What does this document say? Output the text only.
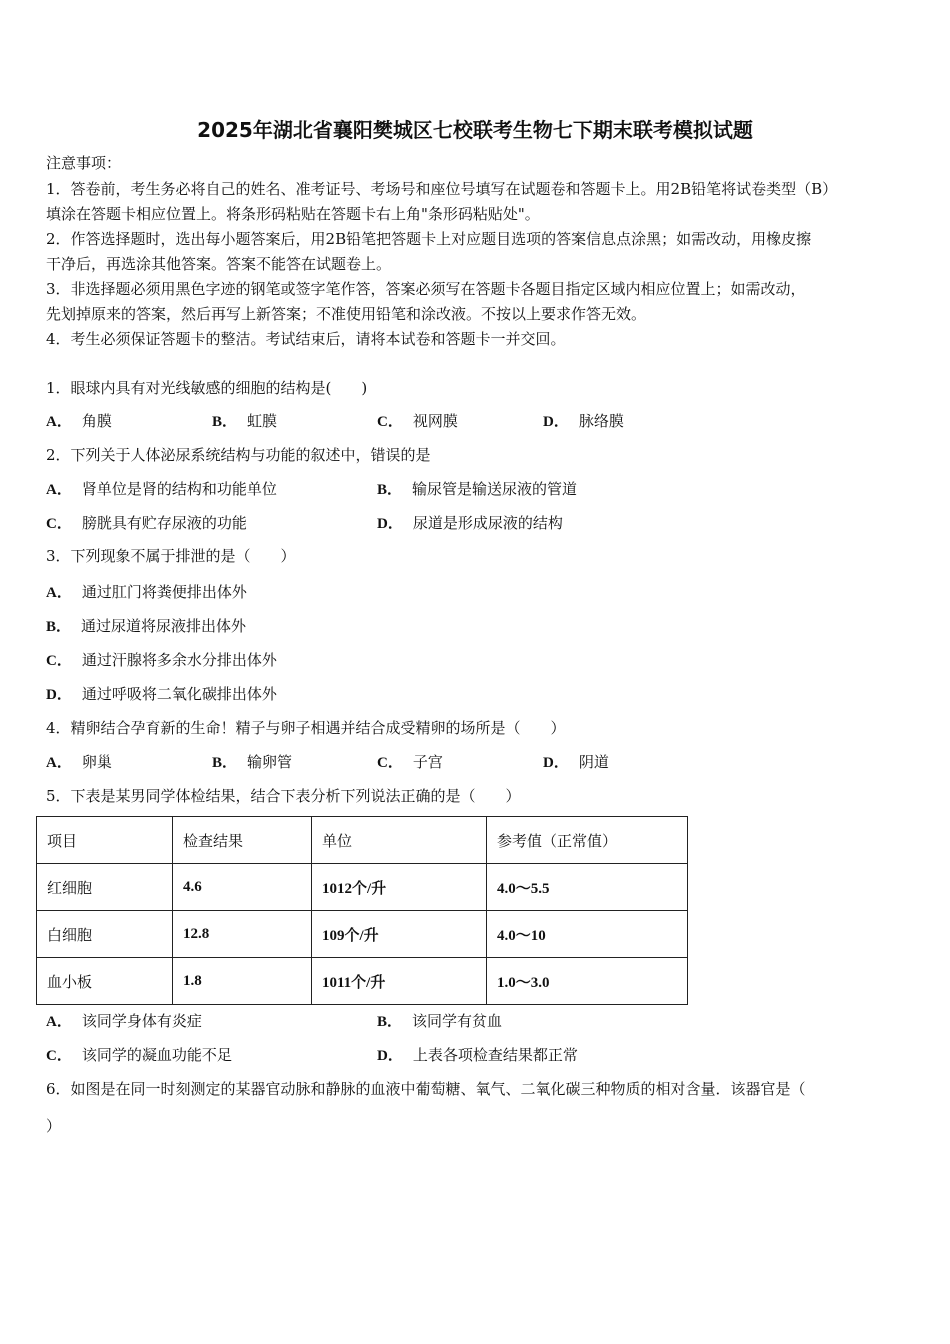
2025年湖北省襄阳樊城区七校联考生物七下期末联考模拟试题
注意事项：
1．答卷前，考生务必将自己的姓名、准考证号、考场号和座位号填写在试题卷和答题卡上。用2B铅笔将试卷类型（B）
填涂在答题卡相应位置上。将条形码粘贴在答题卡右上角"条形码粘贴处"。
2．作答选择题时，选出每小题答案后，用2B铅笔把答题卡上对应题目选项的答案信息点涂黑；如需改动，用橡皮擦
干净后，再选涂其他答案。答案不能答在试题卷上。
3．非选择题必须用黑色字迹的钢笔或签字笔作答，答案必须写在答题卡各题目指定区域内相应位置上；如需改动，
先划掉原来的答案，然后再写上新答案；不准使用铅笔和涂改液。不按以上要求作答无效。
4．考生必须保证答题卡的整洁。考试结束后，请将本试卷和答题卡一并交回。
1．眼球内具有对光线敏感的细胞的结构是(　　)
A． 角膜	B． 虹膜	C． 视网膜	D． 脉络膜
2．下列关于人体泌尿系统结构与功能的叙述中，错误的是
A． 肾单位是肾的结构和功能单位	B． 输尿管是输送尿液的管道
C． 膀胱具有贮存尿液的功能	D． 尿道是形成尿液的结构
3．下列现象不属于排泄的是（　　）
A． 通过肛门将粪便排出体外
B． 通过尿道将尿液排出体外
C． 通过汗腺将多余水分排出体外
D． 通过呼吸将二氧化碳排出体外
4．精卵结合孕育新的生命！精子与卵子相遇并结合成受精卵的场所是（　　）
A． 卵巢	B． 输卵管	C． 子宫	D． 阴道
5．下表是某男同学体检结果，结合下表分析下列说法正确的是（　　）
项目	检查结果	单位	参考值（正常值）
红细胞	4.6	1012个/升	4.0～5.5
白细胞	12.8	109个/升	4.0～10
血小板	1.8	1011个/升	1.0～3.0
A． 该同学身体有炎症	B． 该同学有贫血
C． 该同学的凝血功能不足	D． 上表各项检查结果都正常
6．如图是在同一时刻测定的某器官动脉和静脉的血液中葡萄糖、氧气、二氧化碳三种物质的相对含量．该器官是（
）
